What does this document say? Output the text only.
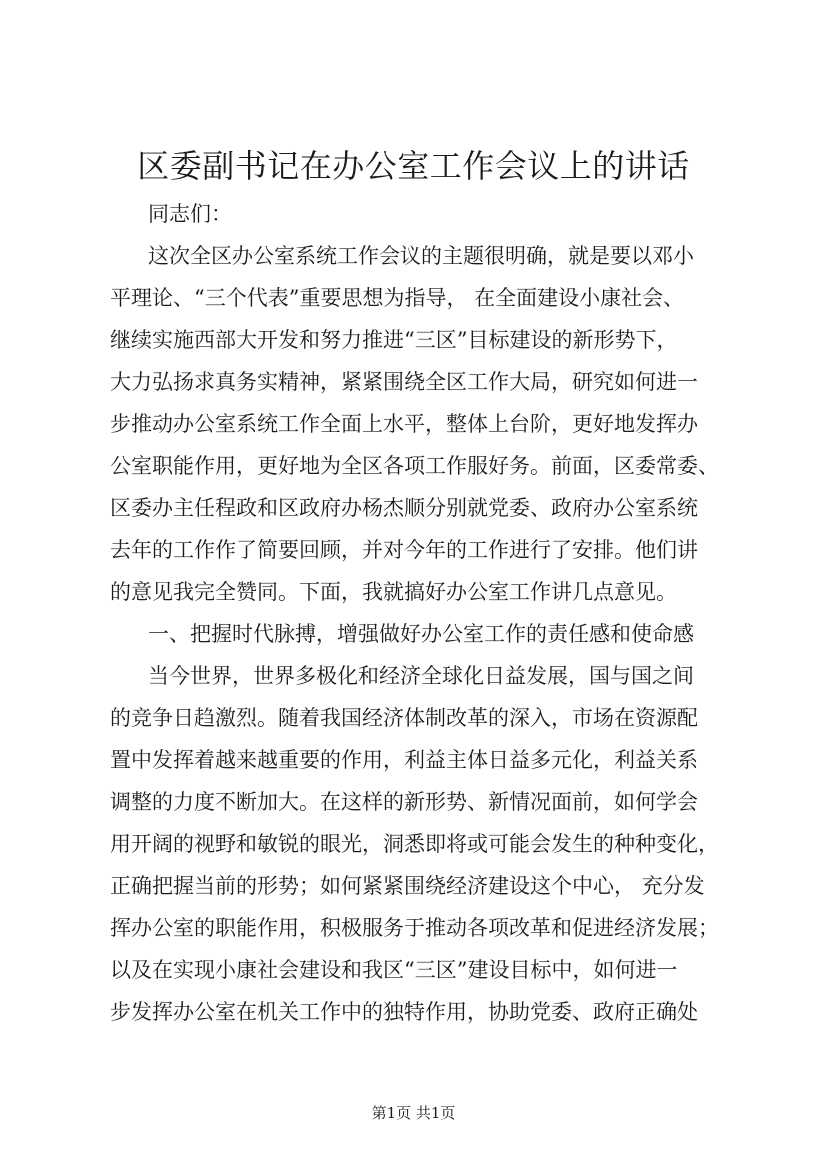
区委副书记在办公室工作会议上的讲话
同志们：
这次全区办公室系统工作会议的主题很明确，就是要以邓小
平理论、“三个代表”重要思想为指导， 在全面建设小康社会、
继续实施西部大开发和努力推进“三区”目标建设的新形势下，
大力弘扬求真务实精神，紧紧围绕全区工作大局，研究如何进一
步推动办公室系统工作全面上水平，整体上台阶，更好地发挥办
公室职能作用，更好地为全区各项工作服好务。前面，区委常委、
区委办主任程政和区政府办杨杰顺分别就党委、政府办公室系统
去年的工作作了简要回顾，并对今年的工作进行了安排。他们讲
的意见我完全赞同。下面，我就搞好办公室工作讲几点意见。
一、把握时代脉搏，增强做好办公室工作的责任感和使命感
当今世界，世界多极化和经济全球化日益发展，国与国之间
的竞争日趋激烈。随着我国经济体制改革的深入，市场在资源配
置中发挥着越来越重要的作用，利益主体日益多元化，利益关系
调整的力度不断加大。在这样的新形势、新情况面前，如何学会
用开阔的视野和敏锐的眼光，洞悉即将或可能会发生的种种变化，
正确把握当前的形势；如何紧紧围绕经济建设这个中心， 充分发
挥办公室的职能作用，积极服务于推动各项改革和促进经济发展；
以及在实现小康社会建设和我区“三区”建设目标中，如何进一
步发挥办公室在机关工作中的独特作用，协助党委、政府正确处
第1页 共1页
